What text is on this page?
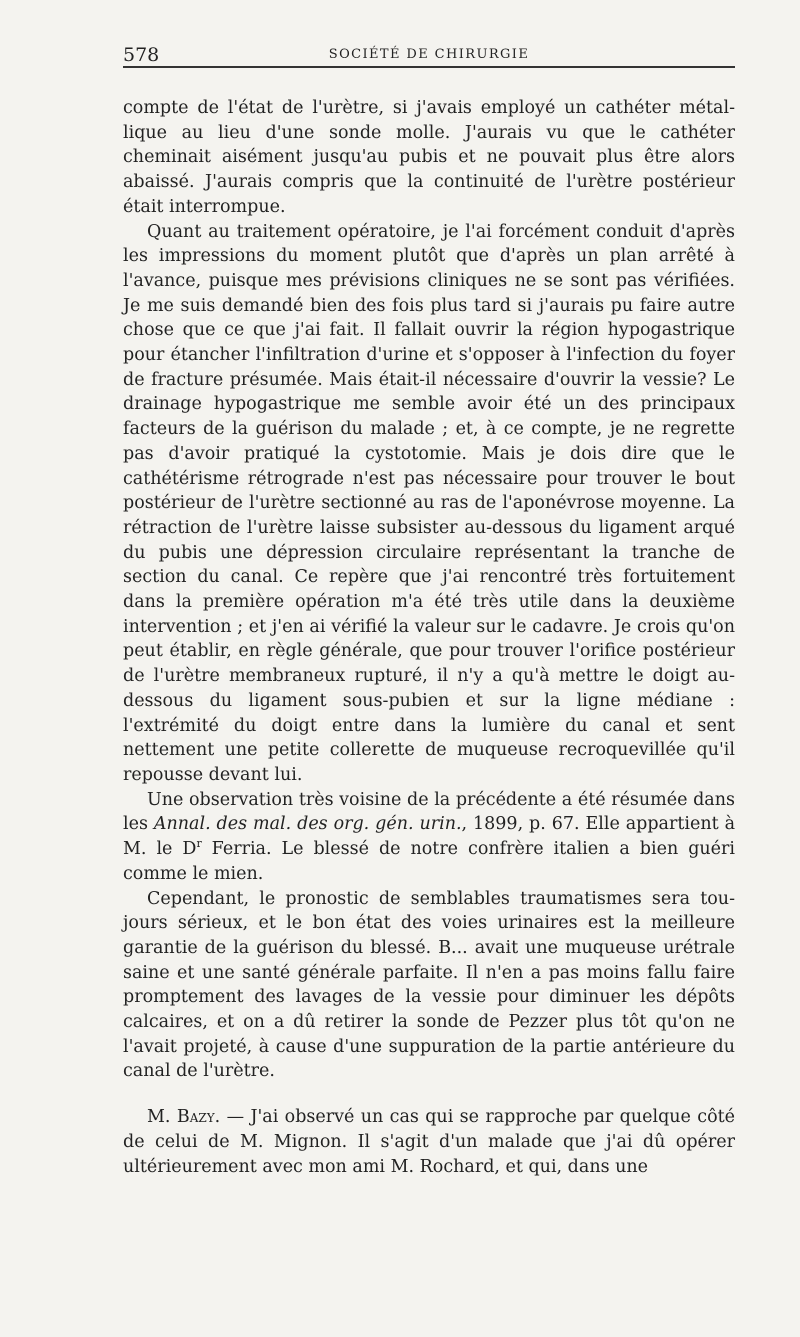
578	SOCIÉTÉ DE CHIRURGIE

compte de l'état de l'urètre, si j'avais employé un cathéter métallique au lieu d'une sonde molle. J'aurais vu que le cathéter cheminait aisément jusqu'au pubis et ne pouvait plus être alors abaissé. J'aurais compris que la continuité de l'urètre postérieur était interrompue.

Quant au traitement opératoire, je l'ai forcément conduit d'après les impressions du moment plutôt que d'après un plan arrêté à l'avance, puisque mes prévisions cliniques ne se sont pas vérifiées. Je me suis demandé bien des fois plus tard si j'aurais pu faire autre chose que ce que j'ai fait. Il fallait ouvrir la région hypogastrique pour étancher l'infiltration d'urine et s'opposer à l'infection du foyer de fracture présumée. Mais était-il nécessaire d'ouvrir la vessie? Le drainage hypogastrique me semble avoir été un des principaux facteurs de la guérison du malade ; et, à ce compte, je ne regrette pas d'avoir pratiqué la cystotomie. Mais je dois dire que le cathétérisme rétrograde n'est pas nécessaire pour trouver le bout postérieur de l'urètre sectionné au ras de l'aponévrose moyenne. La rétraction de l'urètre laisse subsister au-dessous du ligament arqué du pubis une dépression circulaire représentant la tranche de section du canal. Ce repère que j'ai rencontré très fortuitement dans la première opération m'a été très utile dans la deuxième intervention ; et j'en ai vérifié la valeur sur le cadavre. Je crois qu'on peut établir, en règle générale, que pour trouver l'orifice postérieur de l'urètre membraneux rupturé, il n'y a qu'à mettre le doigt au-dessous du ligament sous-pubien et sur la ligne médiane : l'extrémité du doigt entre dans la lumière du canal et sent nettement une petite collerette de muqueuse recroquevillée qu'il repousse devant lui.

Une observation très voisine de la précédente a été résumée dans les Annal. des mal. des org. gén. urin., 1899, p. 67. Elle appartient à M. le $D^r$ Ferria. Le blessé de notre confrère italien a bien guéri comme le mien.

Cependant, le pronostic de semblables traumatismes sera toujours sérieux, et le bon état des voies urinaires est la meilleure garantie de la guérison du blessé. B... avait une muqueuse urétrale saine et une santé générale parfaite. Il n'en a pas moins fallu faire promptement des lavages de la vessie pour diminuer les dépôts calcaires, et on a dû retirer la sonde de Pezzer plus tôt qu'on ne l'avait projeté, à cause d'une suppuration de la partie antérieure du canal de l'urètre.

M. Bazy. — J'ai observé un cas qui se rapproche par quelque côté de celui de M. Mignon. Il s'agit d'un malade que j'ai dû opérer ultérieurement avec mon ami M. Rochard, et qui, dans une
